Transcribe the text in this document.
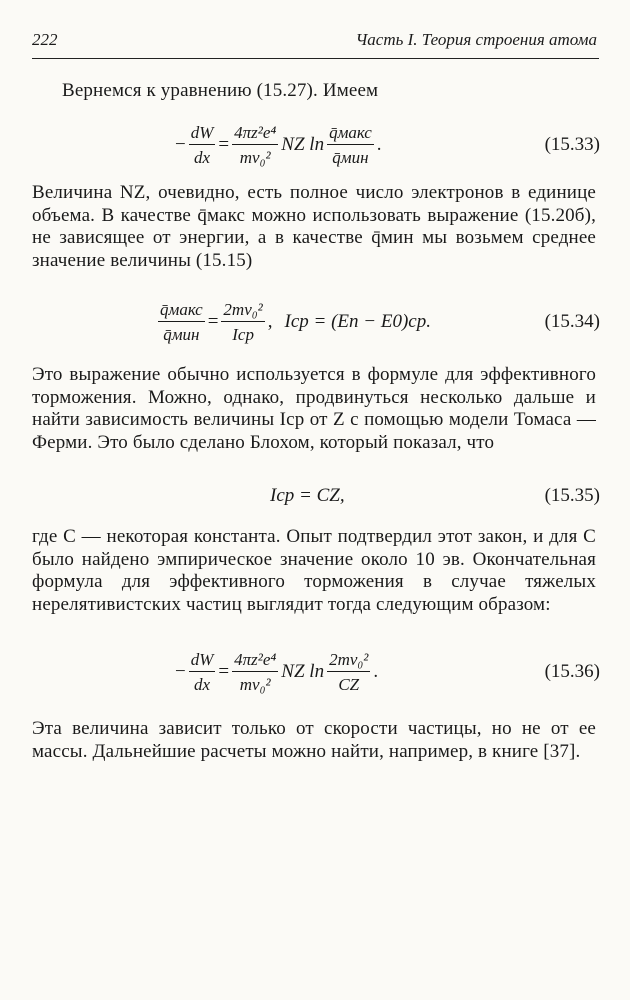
222	Часть I. Теория строения атома
Вернемся к уравнению (15.27). Имеем
− $\frac{dW}{dx} = \frac{\text{4πz²e⁴}}{\text{mv₀²}}$ NZ $\ln \frac{\text{q̄макс}}{\text{q̄мин}}$ .	(15.33)
Величина NZ, очевидно, есть полное число электронов в единице объема. В качестве q̄макс можно использовать выражение (15.20б), не зависящее от энергии, а в качестве q̄мин мы возьмем среднее значение величины (15.15)
$\frac{\text{q̄макс}}{\text{q̄мин}} = \frac{\text{2mv₀²}}{\text{Iср}}$ , Iср = (En − E0)ср.	(15.34)
Это выражение обычно используется в формуле для эффективного торможения. Можно, однако, продвинуться несколько дальше и найти зависимость величины Iср от Z с помощью модели Томаса — Ферми. Это было сделано Блохом, который показал, что
Iср = CZ,	(15.35)
где C — некоторая константа. Опыт подтвердил этот закон, и для C было найдено эмпирическое значение около 10 эв. Окончательная формула для эффективного торможения в случае тяжелых нерелятивистских частиц выглядит тогда следующим образом:
− $\frac{dW}{dx} = \frac{\text{4πz²e⁴}}{\text{mv₀²}}$ NZ $\ln \frac{\text{2mv₀²}}{CZ}$ .	(15.36)
Эта величина зависит только от скорости частицы, но не от ее массы. Дальнейшие расчеты можно найти, например, в книге [37].
